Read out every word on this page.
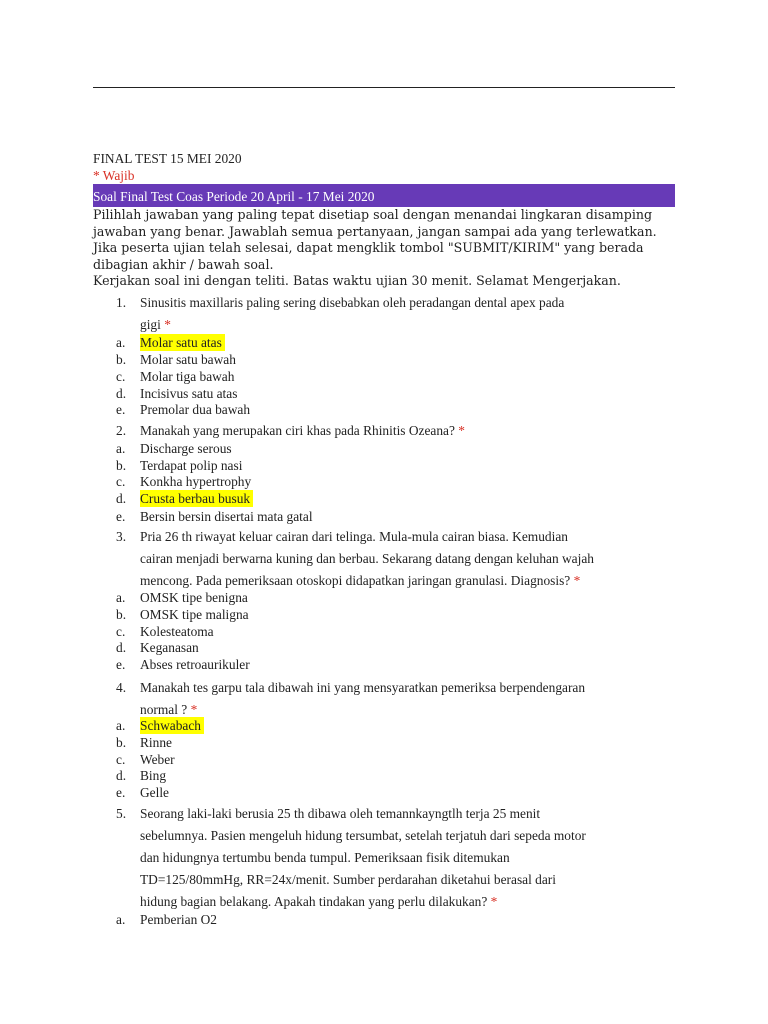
FINAL TEST 15 MEI 2020
* Wajib
Soal Final Test Coas Periode 20 April - 17 Mei 2020
Pilihlah jawaban yang paling tepat disetiap soal dengan menandai lingkaran disamping
jawaban yang benar. Jawablah semua pertanyaan, jangan sampai ada yang terlewatkan.
Jika peserta ujian telah selesai, dapat mengklik tombol "SUBMIT/KIRIM" yang berada
dibagian akhir / bawah soal.
Kerjakan soal ini dengan teliti. Batas waktu ujian 30 menit. Selamat Mengerjakan.
1.	Sinusitis maxillaris paling sering disebabkan oleh peradangan dental apex pada
gigi *
a. Molar satu atas
b. Molar satu bawah
c. Molar tiga bawah
d. Incisivus satu atas
e. Premolar dua bawah
2.	Manakah yang merupakan ciri khas pada Rhinitis Ozeana? *
a. Discharge serous
b. Terdapat polip nasi
c. Konkha hypertrophy
d. Crusta berbau busuk
e. Bersin bersin disertai mata gatal
3.	Pria 26 th riwayat keluar cairan dari telinga. Mula-mula cairan biasa. Kemudian
cairan menjadi berwarna kuning dan berbau. Sekarang datang dengan keluhan wajah
mencong. Pada pemeriksaan otoskopi didapatkan jaringan granulasi. Diagnosis? *
a. OMSK tipe benigna
b. OMSK tipe maligna
c. Kolesteatoma
d. Keganasan
e. Abses retroaurikuler
4.	Manakah tes garpu tala dibawah ini yang mensyaratkan pemeriksa berpendengaran
normal ? *
a. Schwabach
b. Rinne
c. Weber
d. Bing
e. Gelle
5.	Seorang laki-laki berusia 25 th dibawa oleh temannkayngtlh terja 25 menit
sebelumnya. Pasien mengeluh hidung tersumbat, setelah terjatuh dari sepeda motor
dan hidungnya tertumbu benda tumpul. Pemeriksaan fisik ditemukan
TD=125/80mmHg, RR=24x/menit. Sumber perdarahan diketahui berasal dari
hidung bagian belakang. Apakah tindakan yang perlu dilakukan? *
a. Pemberian O2
